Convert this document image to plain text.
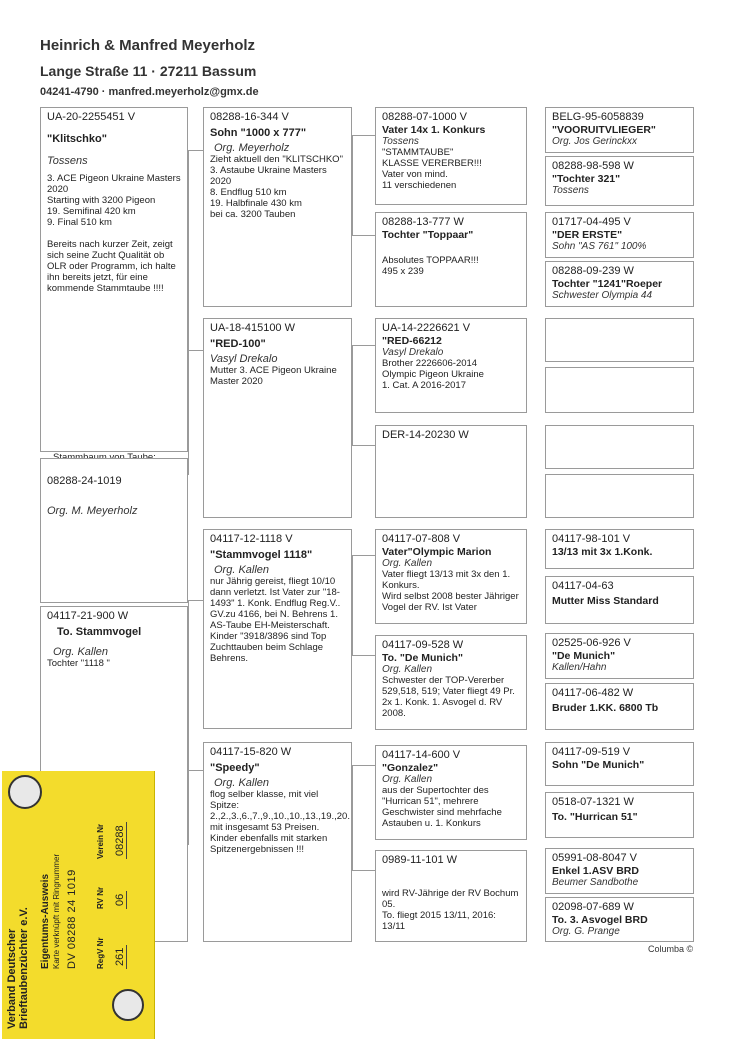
Heinrich & Manfred Meyerholz
Lange Straße 11 · 27211 Bassum
04241-4790 · manfred.meyerholz@gmx.de
UA-20-2255451 V
"Klitschko"
Tossens
3. ACE Pigeon Ukraine Masters 2020
Starting with 3200 Pigeon
19. Semifinal 420 km
9. Final 510 km

Bereits nach kurzer Zeit, zeigt sich seine Zucht Qualität ob OLR oder Programm, ich halte ihn bereits jetzt, für eine kommende Stammtaube !!!!
08288-24-1019
Org. M. Meyerholz
04117-21-900 W
To. Stammvogel
Org. Kallen
Tochter "1118 "
08288-16-344 V
Sohn "1000 x 777"
Org. Meyerholz
Zieht aktuell den "KLITSCHKO"
3. Astaube Ukraine Masters 2020
8. Endflug 510 km
19. Halbfinale 430 km
bei ca. 3200 Tauben
UA-18-415100 W
"RED-100"
Vasyl Drekalo
Mutter 3. ACE Pigeon Ukraine Master 2020
04117-12-1118 V
"Stammvogel 1118"
Org. Kallen
nur Jährig gereist, fliegt 10/10 dann verletzt. Ist Vater zur "18-1493" 1. Konk. Endflug Reg.V.. GV.zu 4166, bei N. Behrens 1. AS-Taube EH-Meisterschaft.
Kinder "3918/3896 sind Top Zuchttauben beim Schlage Behrens.
04117-15-820 W
"Speedy"
Org. Kallen
flog selber klasse, mit viel Spitze:
2.,2.,3.,6.,7.,9.,10.,10.,13.,19.,20. mit insgesamt 53 Preisen.
Kinder ebenfalls mit starken Spitzenergebnissen !!!
08288-07-1000 V
Vater 14x 1. Konkurs
Tossens
"STAMMTAUBE"
KLASSE VERERBER!!!
Vater von mind.
11 verschiedenen
08288-13-777 W
Tochter "Toppaar"
Absolutes TOPPAAR!!!
495 x 239
UA-14-2226621 V
"RED-66212
Vasyl Drekalo
Brother 2226606-2014
Olympic Pigeon Ukraine
1. Cat. A 2016-2017
DER-14-20230 W
04117-07-808 V
Vater"Olympic Marion
Org. Kallen
Vater fliegt 13/13 mit 3x den 1. Konkurs.
Wird selbst 2008 bester Jähriger Vogel der RV. Ist Vater
04117-09-528 W
To. "De Munich"
Org. Kallen
Schwester der TOP-Vererber 529,518, 519; Vater fliegt 49 Pr. 2x 1. Konk. 1. Asvogel d. RV 2008.
04117-14-600 V
"Gonzalez"
Org. Kallen
aus der Supertochter des "Hurrican 51", mehrere Geschwister sind mehrfache Astauben u. 1. Konkurs
0989-11-101 W
wird RV-Jährige der RV Bochum 05.
To. fliegt 2015 13/11, 2016: 13/11
BELG-95-6058839
"VOORUITVLIEGER"
Org. Jos Gerinckxx
08288-98-598 W
"Tochter 321"
Tossens
01717-04-495 V
"DER ERSTE"
Sohn "AS 761" 100%
08288-09-239 W
Tochter "1241"Roeper
Schwester Olympia 44
04117-98-101 V
13/13 mit 3x 1.Konk.
04117-04-63
Mutter Miss Standard
02525-06-926 V
"De Munich"
Kallen/Hahn
04117-06-482 W
Bruder 1.KK. 6800 Tb
04117-09-519 V
Sohn "De Munich"
0518-07-1321 W
To. "Hurrican 51"
05991-08-8047 V
Enkel 1.ASV BRD
Beumer Sandbothe
02098-07-689 W
To. 3. Asvogel BRD
Org. G. Prange
Columba ©
Verband Deutscher Brieftaubenzüchter e.V. Eigentums-Ausweis Karte verknüpft mit Ringnummer DV 08288 24 1019 RegV Nr
RV Nr
Verein Nr
261
06
08288
